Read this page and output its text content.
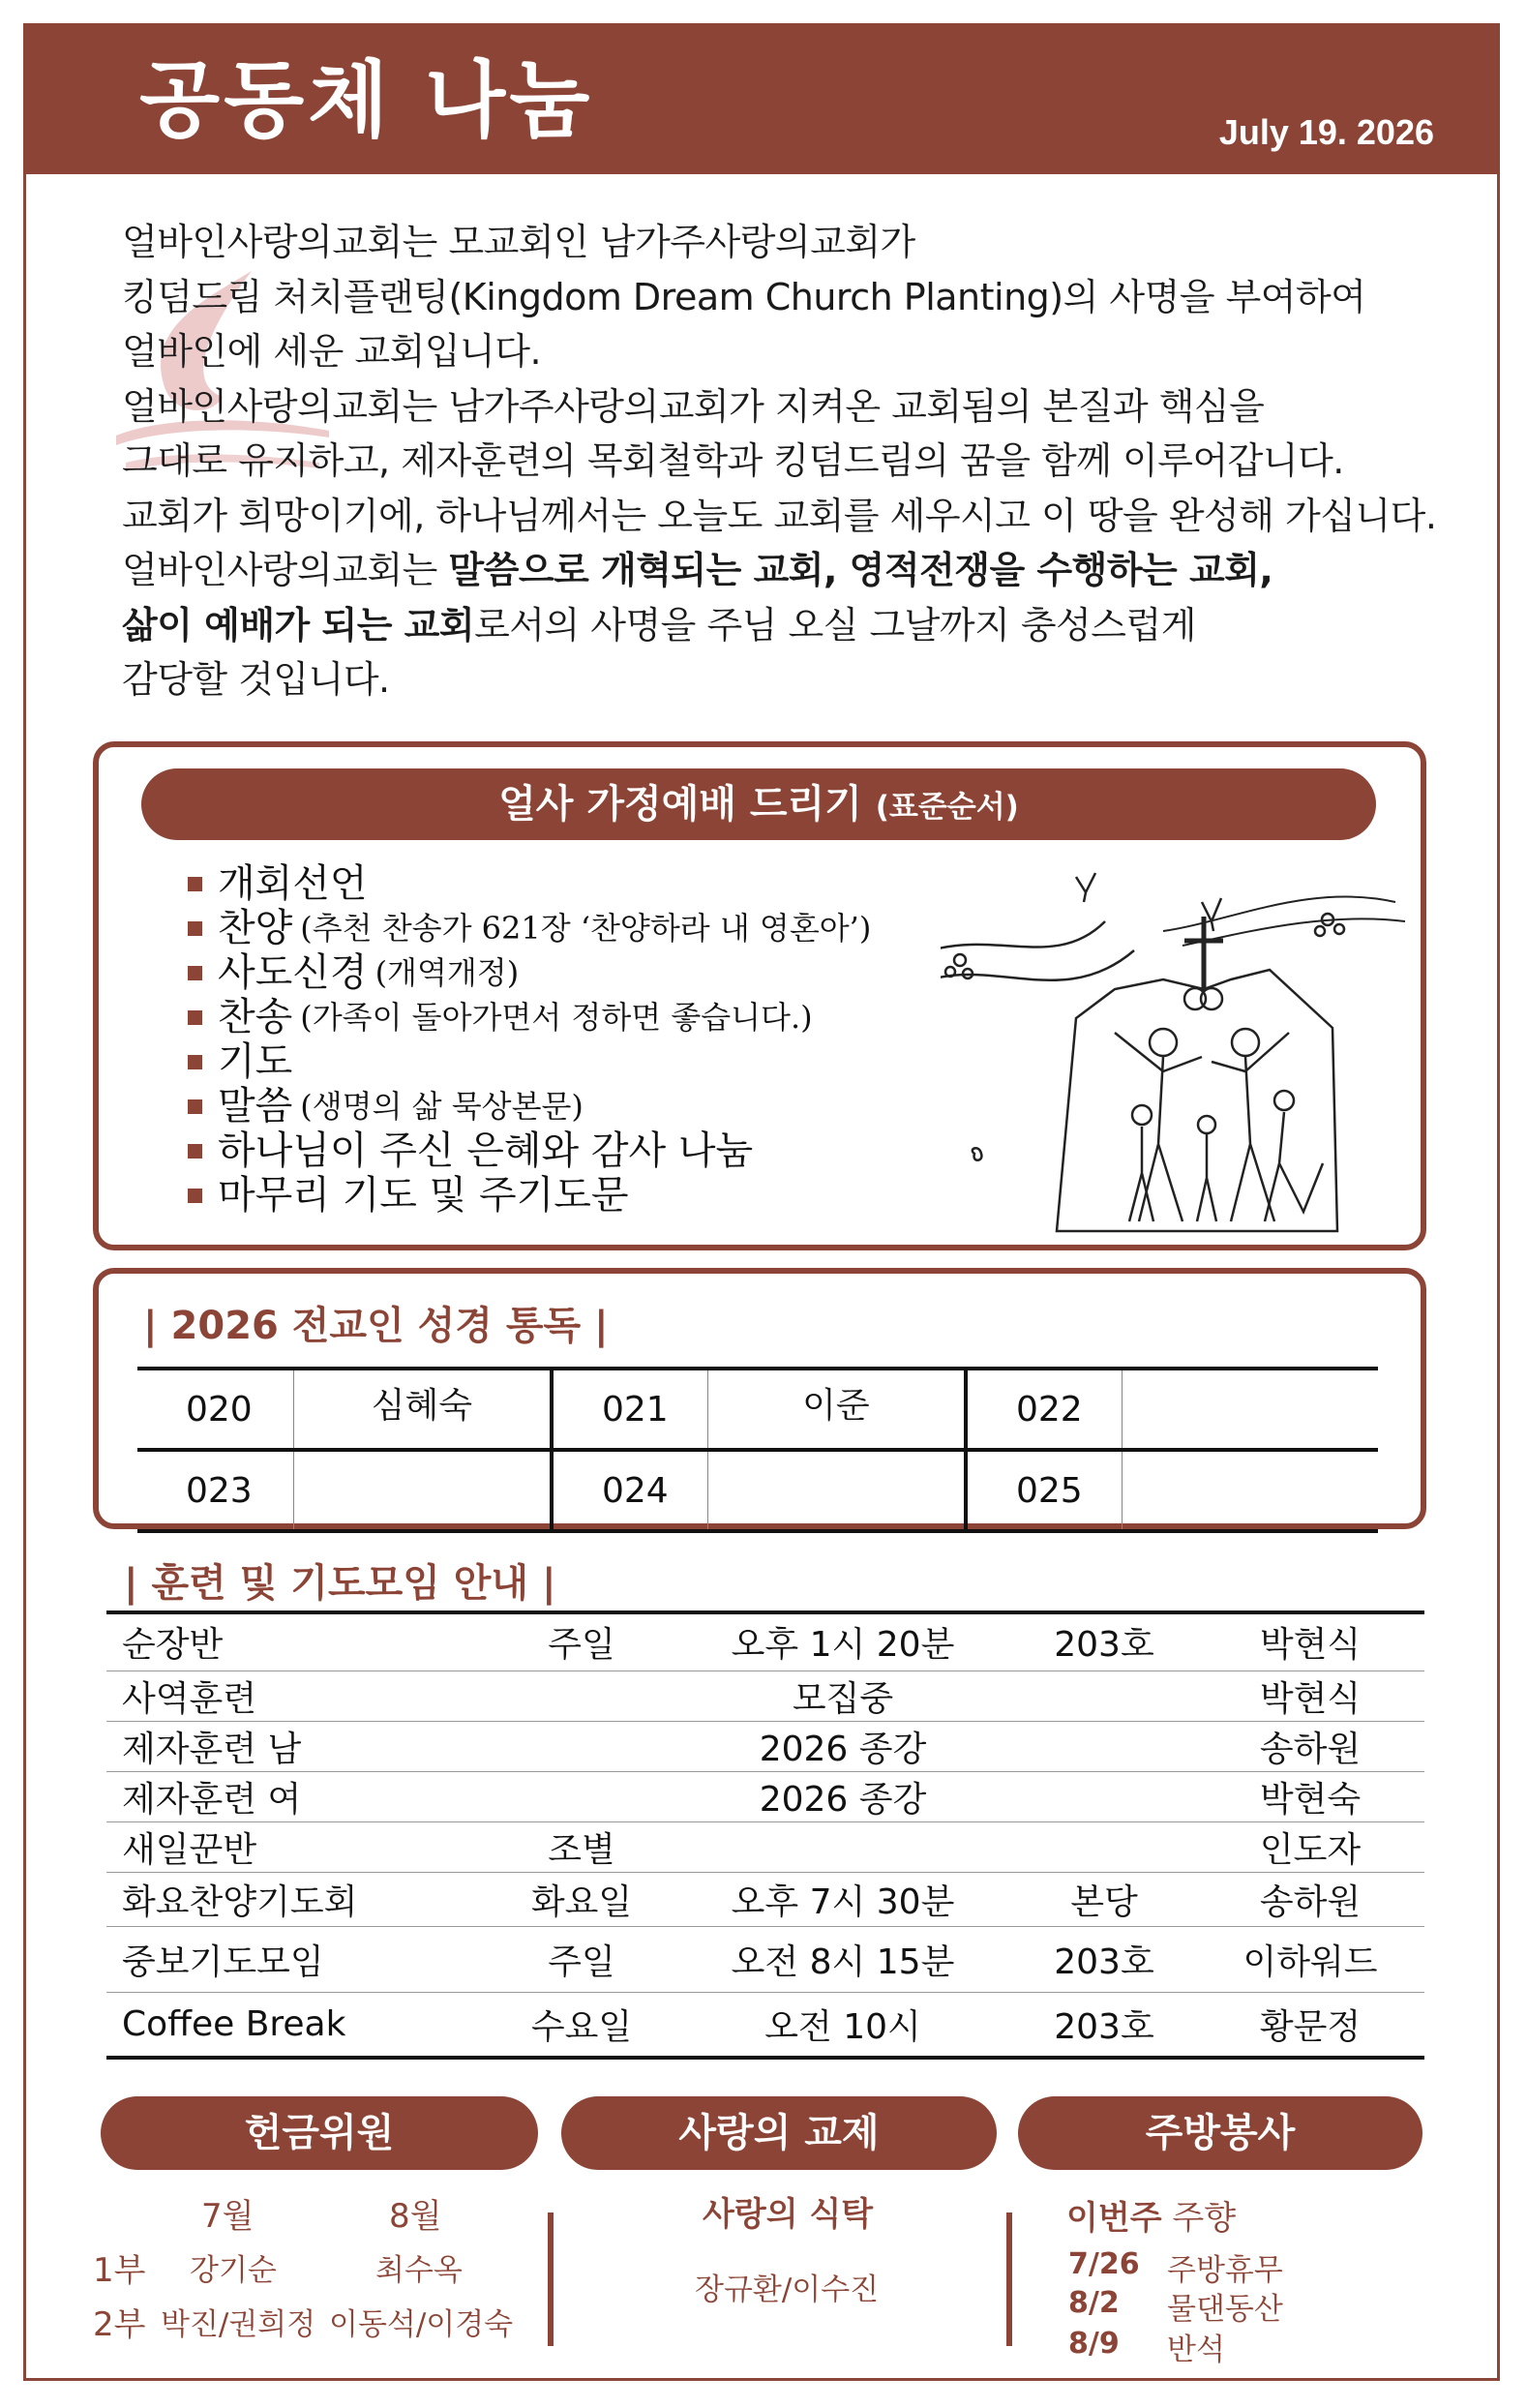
공동체 나눔	July 19. 2026

얼바인사랑의교회는 모교회인 남가주사랑의교회가

킹덤드림 처치플랜팅(Kingdom Dream Church Planting)의 사명을 부여하여

얼바인에 세운 교회입니다.

얼바인사랑의교회는 남가주사랑의교회가 지켜온 교회됨의 본질과 핵심을

그대로 유지하고, 제자훈련의 목회철학과 킹덤드림의 꿈을 함께 이루어갑니다.

교회가 희망이기에, 하나님께서는 오늘도 교회를 세우시고 이 땅을 완성해 가십니다.

얼바인사랑의교회는 말씀으로 개혁되는 교회, 영적전쟁을 수행하는 교회,

삶이 예배가 되는 교회로서의 사명을 주님 오실 그날까지 충성스럽게

감당할 것입니다.

얼사 가정예배 드리기 (표준순서)
개회선언
찬양 (추천 찬송가 621장 ‘찬양하라 내 영혼아’)
사도신경 (개역개정)
찬송 (가족이 돌아가면서 정하면 좋습니다.)
기도
말씀 (생명의 삶 묵상본문)
하나님이 주신 은혜와 감사 나눔
마무리 기도 및 주기도문
| 2026 전교인 성경 통독 |
020	심혜숙	021	이준	022	
023		024		025	
| 훈련 및 기도모임 안내 |
순장반	주일	오후 1시 20분	203호	박현식
사역훈련		모집중		박현식
제자훈련 남		2026 종강		송하원
제자훈련 여		2026 종강		박현숙
새일꾼반	조별			인도자
화요찬양기도회	화요일	오후 7시 30분	본당	송하원
중보기도모임	주일	오전 8시 15분	203호	이하워드
Coffee Break	수요일	오전 10시	203호	황문정
헌금위원	사랑의 교제	주방봉사
7월	8월
1부 강기순	최수옥
2부 박진/권희정 이동석/이경숙
사랑의 식탁
장규환/이수진
이번주 주향
7/26 주방휴무
8/2 물댄동산
8/9 반석
